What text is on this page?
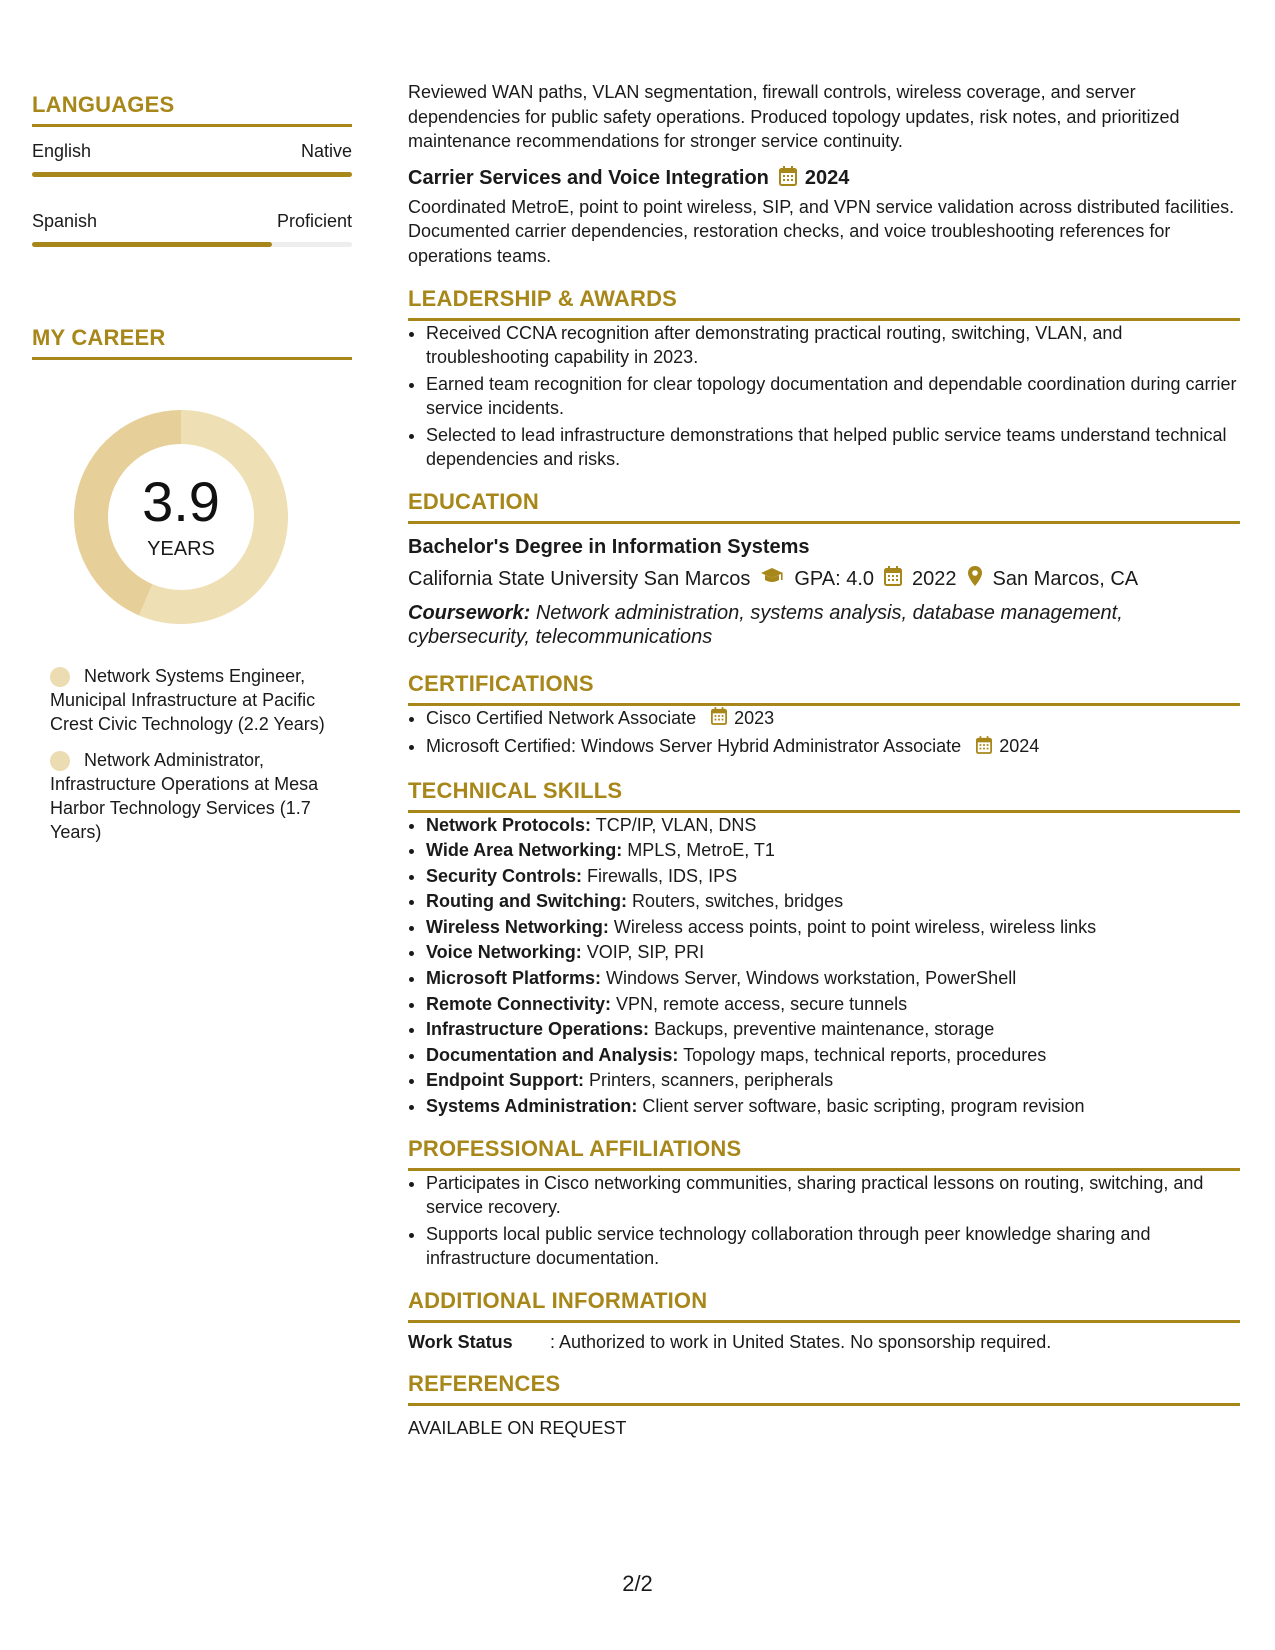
LANGUAGES
English	Native
Spanish	Proficient
MY CAREER
3.9
YEARS
Network Systems Engineer, Municipal Infrastructure at Pacific Crest Civic Technology (2.2 Years)
Network Administrator, Infrastructure Operations at Mesa Harbor Technology Services (1.7 Years)

Reviewed WAN paths, VLAN segmentation, firewall controls, wireless coverage, and server dependencies for public safety operations. Produced topology updates, risk notes, and prioritized maintenance recommendations for stronger service continuity.

Carrier Services and Voice Integration 2024

Coordinated MetroE, point to point wireless, SIP, and VPN service validation across distributed facilities. Documented carrier dependencies, restoration checks, and voice troubleshooting references for operations teams.

LEADERSHIP & AWARDS
• Received CCNA recognition after demonstrating practical routing, switching, VLAN, and troubleshooting capability in 2023.
• Earned team recognition for clear topology documentation and dependable coordination during carrier service incidents.
• Selected to lead infrastructure demonstrations that helped public service teams understand technical dependencies and risks.
EDUCATION
Bachelor's Degree in Information Systems
California State University San Marcos GPA: 4.0 2022 San Marcos, CA
Coursework: Network administration, systems analysis, database management, cybersecurity, telecommunications
CERTIFICATIONS
• Cisco Certified Network Associate 2023
• Microsoft Certified: Windows Server Hybrid Administrator Associate 2024
TECHNICAL SKILLS
• Network Protocols: TCP/IP, VLAN, DNS
• Wide Area Networking: MPLS, MetroE, T1
• Security Controls: Firewalls, IDS, IPS
• Routing and Switching: Routers, switches, bridges
• Wireless Networking: Wireless access points, point to point wireless, wireless links
• Voice Networking: VOIP, SIP, PRI
• Microsoft Platforms: Windows Server, Windows workstation, PowerShell
• Remote Connectivity: VPN, remote access, secure tunnels
• Infrastructure Operations: Backups, preventive maintenance, storage
• Documentation and Analysis: Topology maps, technical reports, procedures
• Endpoint Support: Printers, scanners, peripherals
• Systems Administration: Client server software, basic scripting, program revision
PROFESSIONAL AFFILIATIONS
• Participates in Cisco networking communities, sharing practical lessons on routing, switching, and service recovery.
• Supports local public service technology collaboration through peer knowledge sharing and infrastructure documentation.
ADDITIONAL INFORMATION
Work Status	: Authorized to work in United States. No sponsorship required.
REFERENCES
AVAILABLE ON REQUEST
2/2
